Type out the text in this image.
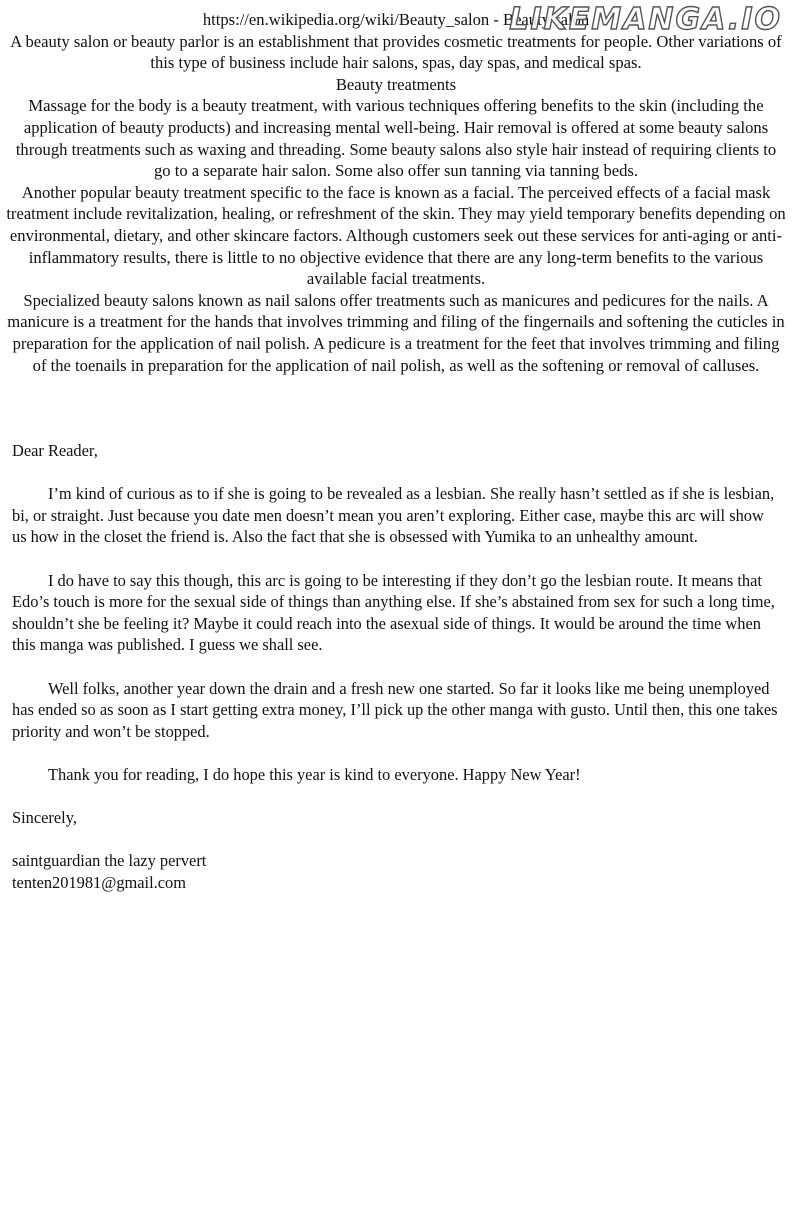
https://en.wikipedia.org/wiki/Beauty_salon - Beauty salon

A beauty salon or beauty parlor is an establishment that provides cosmetic treatments for people. Other variations of this type of business include hair salons, spas, day spas, and medical spas.

Beauty treatments

Massage for the body is a beauty treatment, with various techniques offering benefits to the skin (including the application of beauty products) and increasing mental well-being. Hair removal is offered at some beauty salons through treatments such as waxing and threading. Some beauty salons also style hair instead of requiring clients to go to a separate hair salon. Some also offer sun tanning via tanning beds.

Another popular beauty treatment specific to the face is known as a facial. The perceived effects of a facial mask treatment include revitalization, healing, or refreshment of the skin. They may yield temporary benefits depending on environmental, dietary, and other skincare factors. Although customers seek out these services for anti-aging or anti-inflammatory results, there is little to no objective evidence that there are any long-term benefits to the various available facial treatments.

Specialized beauty salons known as nail salons offer treatments such as manicures and pedicures for the nails. A manicure is a treatment for the hands that involves trimming and filing of the fingernails and softening the cuticles in preparation for the application of nail polish. A pedicure is a treatment for the feet that involves trimming and filing of the toenails in preparation for the application of nail polish, as well as the softening or removal of calluses.

LIKEMANGA.IO

Dear Reader,

I’m kind of curious as to if she is going to be revealed as a lesbian. She really hasn’t settled as if she is lesbian, bi, or straight. Just because you date men doesn’t mean you aren’t exploring. Either case, maybe this arc will show us how in the closet the friend is. Also the fact that she is obsessed with Yumika to an unhealthy amount.

I do have to say this though, this arc is going to be interesting if they don’t go the lesbian route. It means that Edo’s touch is more for the sexual side of things than anything else. If she’s abstained from sex for such a long time, shouldn’t she be feeling it? Maybe it could reach into the asexual side of things. It would be around the time when this manga was published. I guess we shall see.

Well folks, another year down the drain and a fresh new one started. So far it looks like me being unemployed has ended so as soon as I start getting extra money, I’ll pick up the other manga with gusto. Until then, this one takes priority and won’t be stopped.

Thank you for reading, I do hope this year is kind to everyone. Happy New Year!

Sincerely,

saintguardian the lazy pervert

tenten201981@gmail.com
